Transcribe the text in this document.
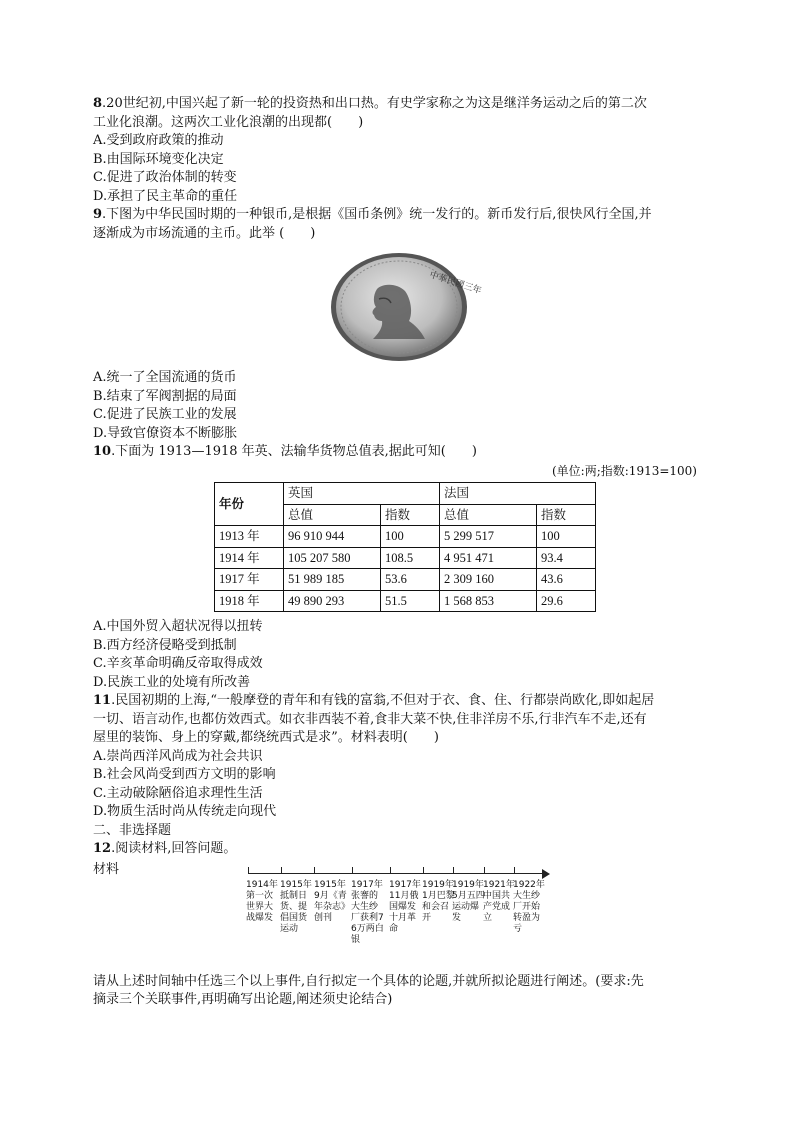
8.20世纪初,中国兴起了新一轮的投资热和出口热。有史学家称之为这是继洋务运动之后的第二次
工业化浪潮。这两次工业化浪潮的出现都(　　)
A.受到政府政策的推动
B.由国际环境变化决定
C.促进了政治体制的转变
D.承担了民主革命的重任
9.下图为中华民国时期的一种银币,是根据《国币条例》统一发行的。新币发行后,很快风行全国,并
逐渐成为市场流通的主币。此举 (　　)
中華民國三年
A.统一了全国流通的货币
B.结束了军阀割据的局面
C.促进了民族工业的发展
D.导致官僚资本不断膨胀
10.下面为 1913—1918 年英、法输华货物总值表,据此可知(　　)
(单位:两;指数:1913=100)
年份	英国		法国	
	总值	指数	总值	指数
1913 年	96 910 944	100	5 299 517	100
1914 年	105 207 580	108.5	4 951 471	93.4
1917 年	51 989 185	53.6	2 309 160	43.6
1918 年	49 890 293	51.5	1 568 853	29.6
A.中国外贸入超状况得以扭转
B.西方经济侵略受到抵制
C.辛亥革命明确反帝取得成效
D.民族工业的处境有所改善
11.民国初期的上海,“一般摩登的青年和有钱的富翁,不但对于衣、食、住、行都崇尚欧化,即如起居
一切、语言动作,也都仿效西式。如衣非西装不着,食非大菜不快,住非洋房不乐,行非汽车不走,还有
屋里的装饰、身上的穿戴,都绕统西式是求”。材料表明(　　)
A.崇尚西洋风尚成为社会共识
B.社会风尚受到西方文明的影响
C.主动破除陋俗追求理性生活
D.物质生活时尚从传统走向现代
二、非选择题
12.阅读材料,回答问题。
材料
1914年第一次世界大战爆发
1915年抵制日货、提倡国货运动
1915年9月《青年杂志》创刊
1917年张謇的大生纱厂获利76万两白银
1917年11月俄国爆发十月革命
1919年1月巴黎和会召开
1919年5月五四运动爆发
1921年中国共产党成立
1922年大生纱厂开始转盈为亏
请从上述时间轴中任选三个以上事件,自行拟定一个具体的论题,并就所拟论题进行阐述。(要求:先
摘录三个关联事件,再明确写出论题,阐述须史论结合)
